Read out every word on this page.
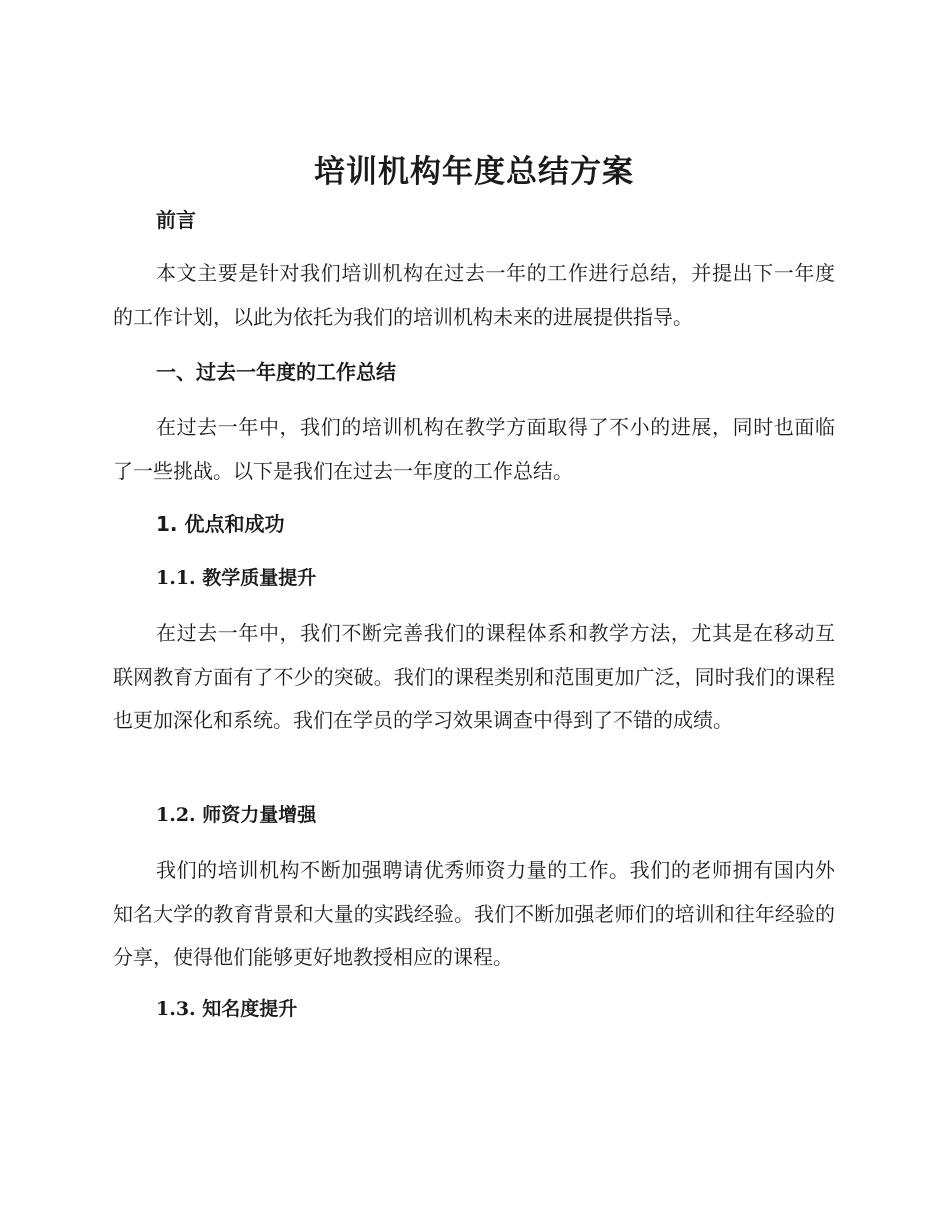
培训机构年度总结方案
前言

本文主要是针对我们培训机构在过去一年的工作进行总结，并提出下一年度的工作计划，以此为依托为我们的培训机构未来的进展提供指导。

一、过去一年度的工作总结

在过去一年中，我们的培训机构在教学方面取得了不小的进展，同时也面临了一些挑战。以下是我们在过去一年度的工作总结。

1. 优点和成功
1.1. 教学质量提升

在过去一年中，我们不断完善我们的课程体系和教学方法，尤其是在移动互联网教育方面有了不少的突破。我们的课程类别和范围更加广泛，同时我们的课程也更加深化和系统。我们在学员的学习效果调查中得到了不错的成绩。

1.2. 师资力量增强

我们的培训机构不断加强聘请优秀师资力量的工作。我们的老师拥有国内外知名大学的教育背景和大量的实践经验。我们不断加强老师们的培训和往年经验的分享，使得他们能够更好地教授相应的课程。

1.3. 知名度提升
